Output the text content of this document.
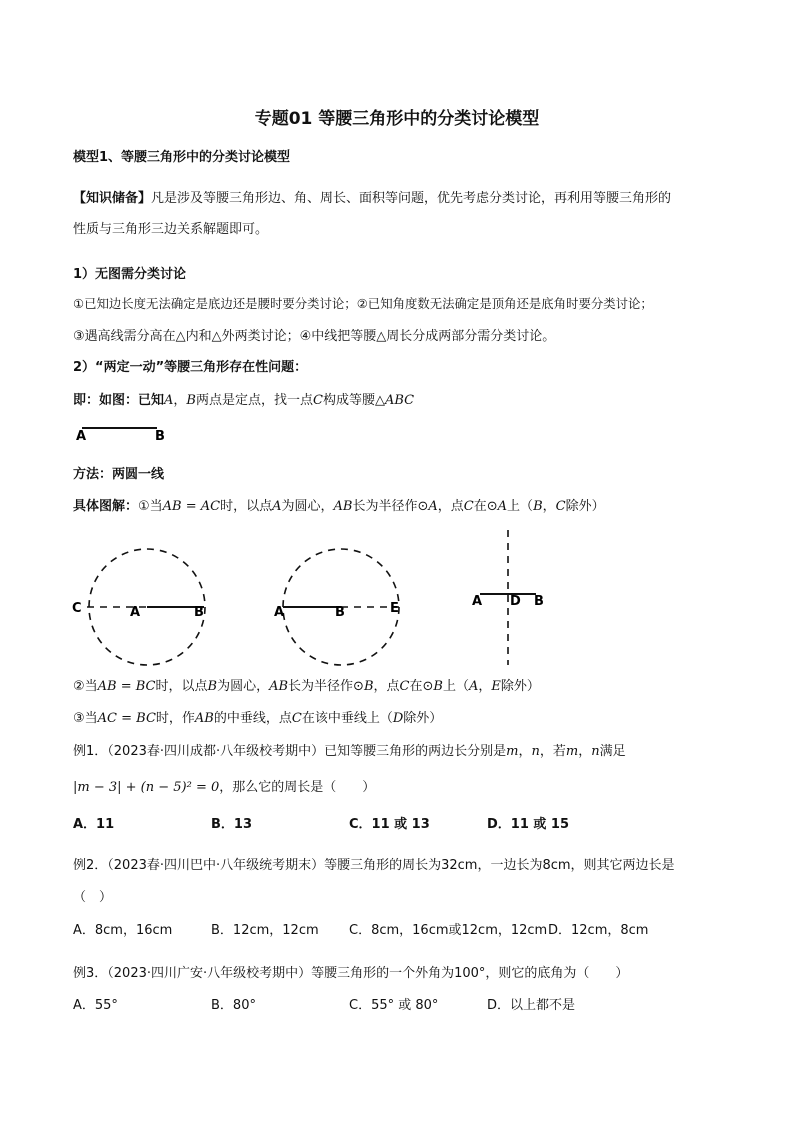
专题01 等腰三角形中的分类讨论模型
模型1、等腰三角形中的分类讨论模型
【知识储备】凡是涉及等腰三角形边、角、周长、面积等问题，优先考虑分类讨论，再利用等腰三角形的
性质与三角形三边关系解题即可。
1）无图需分类讨论
①已知边长度无法确定是底边还是腰时要分类讨论；②已知角度数无法确定是顶角还是底角时要分类讨论；
③遇高线需分高在△内和△外两类讨论；④中线把等腰△周长分成两部分需分类讨论。
2）“两定一动”等腰三角形存在性问题：
即：如图：已知A，B两点是定点，找一点C构成等腰△ABC
A	B
方法：两圆一线
具体图解：①当AB = AC时，以点A为圆心，AB长为半径作⊙A，点C在⊙A上（B，C除外）
C	A	B	A	B	E	A D B
②当AB = BC时，以点B为圆心，AB长为半径作⊙B，点C在⊙B上（A，E除外）
③当AC = BC时，作AB的中垂线，点C在该中垂线上（D除外）
例1．（2023春·四川成都·八年级校考期中）已知等腰三角形的两边长分别是m，n，若m，n满足
|m − 3| + (n − 5)² = 0，那么它的周长是（　　）
A．11	B．13	C．11 或 13	D．11 或 15
例2．（2023春·四川巴中·八年级统考期末）等腰三角形的周长为32cm，一边长为8cm，则其它两边长是
（　）
A．8cm，16cm	B．12cm，12cm C．8cm，16cm或12cm，12cm D．12cm，8cm
例3．（2023·四川广安·八年级校考期中）等腰三角形的一个外角为100°，则它的底角为（　　）
A．55°	B．80°	C．55° 或 80°	D．以上都不是
